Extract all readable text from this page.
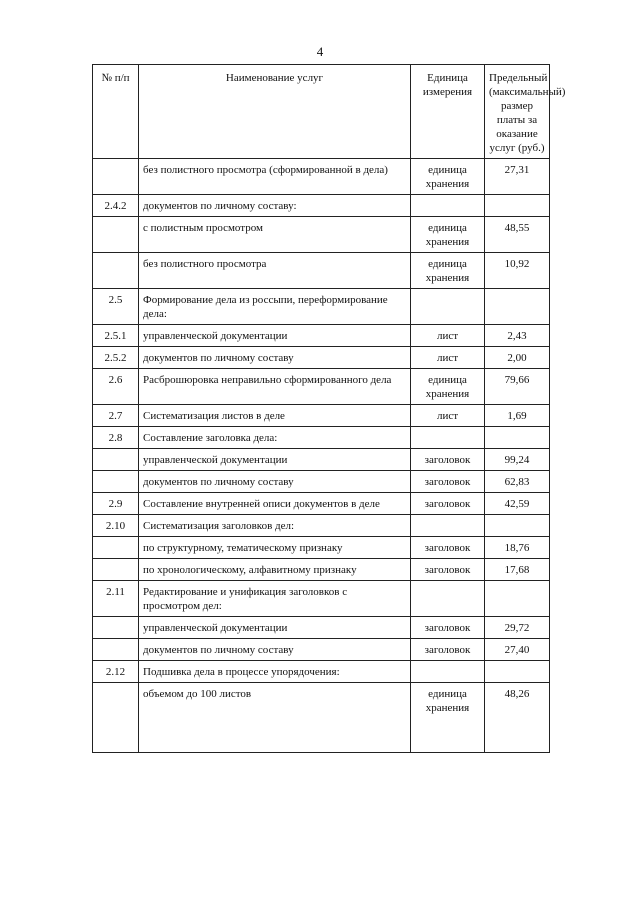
4
№ п/п	Наименование услуг	Единица измерения	Предельный (максимальный) размер платы за оказание услуг (руб.)
	без полистного просмотра (сформированной в дела)	единица хранения	27,31
2.4.2	документов по личному составу:		
	с полистным просмотром	единица хранения	48,55
	без полистного просмотра	единица хранения	10,92
2.5	Формирование дела из россыпи, переформирование дела:		
2.5.1	управленческой документации	лист	2,43
2.5.2	документов по личному составу	лист	2,00
2.6	Расброшюровка неправильно сформированного дела	единица хранения	79,66
2.7	Систематизация листов в деле	лист	1,69
2.8	Составление заголовка дела:		
	управленческой документации	заголовок	99,24
	документов по личному составу	заголовок	62,83
2.9	Составление внутренней описи документов в деле	заголовок	42,59
2.10	Систематизация заголовков дел:		
	по структурному, тематическому признаку	заголовок	18,76
	по хронологическому, алфавитному признаку	заголовок	17,68
2.11	Редактирование и унификация заголовков с просмотром дел:		
	управленческой документации	заголовок	29,72
	документов по личному составу	заголовок	27,40
2.12	Подшивка дела в процессе упорядочения:		
	объемом до 100 листов	единица хранения	48,26
